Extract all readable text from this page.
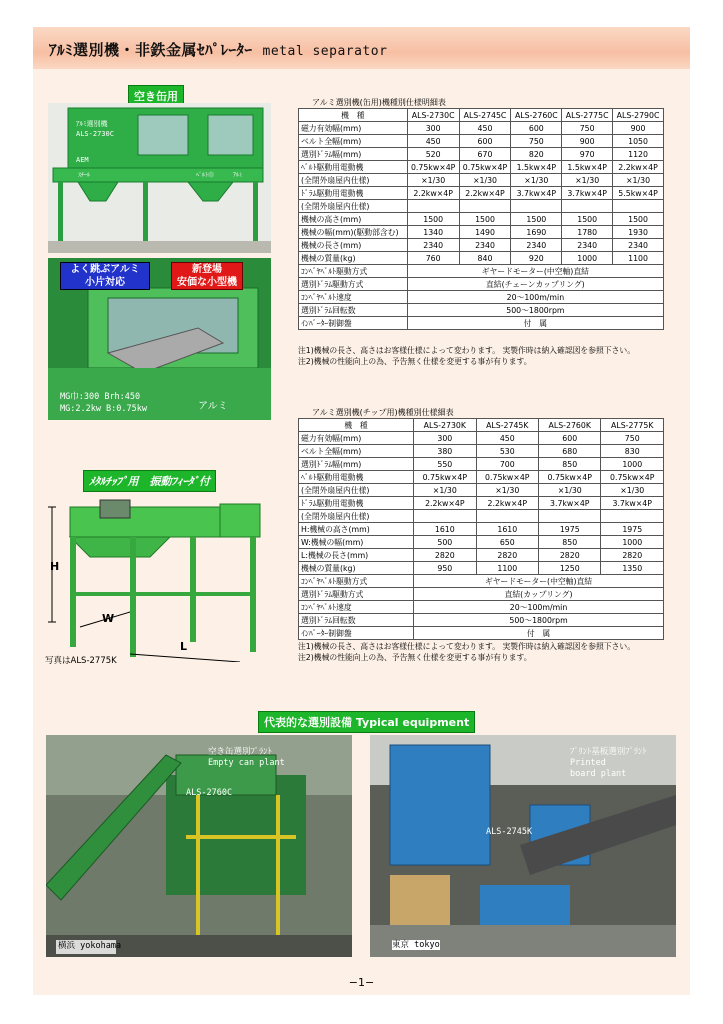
ｱﾙﾐ選別機・非鉄金属ｾﾊﾟﾚｰﾀｰ metal separator
空き缶用
ｱﾙﾐ選別機
ALS-2730C
AEM
ｽﾁｰﾙ	ﾍﾞﾙﾄ巾	ｱﾙﾐ
よく跳ぶアルミ
小片対応
新登場
安価な小型機
MG巾:300 Brh:450
MG:2.2kw B:0.75kw	アルミ
ﾒﾀﾙﾁｯﾌﾟ用　振動ﾌｨｰﾀﾞ付
H
W
L
写真はALS-2775K
アルミ選別機(缶用)機種別仕様明細表
機　種	ALS-2730C	ALS-2745C	ALS-2760C	ALS-2775C	ALS-2790C
磁力有効幅(mm)	300	450	600	750	900
ベルト全幅(mm)	450	600	750	900	1050
選別ﾄﾞﾗﾑ幅(mm)	520	670	820	970	1120
ﾍﾞﾙﾄ駆動用電動機	0.75kw×4P	0.75kw×4P	1.5kw×4P	1.5kw×4P	2.2kw×4P
(全閉外扇屋内仕様)	×1/30	×1/30	×1/30	×1/30	×1/30
ﾄﾞﾗﾑ駆動用電動機	2.2kw×4P	2.2kw×4P	3.7kw×4P	3.7kw×4P	5.5kw×4P
(全閉外扇屋内仕様)					
機械の高さ(mm)	1500	1500	1500	1500	1500
機械の幅(mm)(駆動部含む)	1340	1490	1690	1780	1930
機械の長さ(mm)	2340	2340	2340	2340	2340
機械の質量(kg)	760	840	920	1000	1100
ｺﾝﾍﾞﾔﾍﾞﾙﾄ駆動方式	ギヤードモーター(中空軸)直結				
選別ﾄﾞﾗﾑ駆動方式	直結(チェーンカップリング)				
ｺﾝﾍﾞﾔﾍﾞﾙﾄ速度	20～100m/min				
選別ﾄﾞﾗﾑ回転数	500～1800rpm				
ｲﾝﾊﾞｰﾀｰ制御盤	付　属				
注1)機械の長さ、高さはお客様仕様によって変わります。 実製作時は納入確認図を参照下さい。
注2)機械の性能向上の為、予告無く仕様を変更する事が有ります。
アルミ選別機(チップ用)機種別仕様細表
機　種	ALS-2730K	ALS-2745K	ALS-2760K	ALS-2775K
磁力有効幅(mm)	300	450	600	750
ベルト全幅(mm)	380	530	680	830
選別ﾄﾞﾗﾑ幅(mm)	550	700	850	1000
ﾍﾞﾙﾄ駆動用電動機	0.75kw×4P	0.75kw×4P	0.75kw×4P	0.75kw×4P
(全閉外扇屋内仕様)	×1/30	×1/30	×1/30	×1/30
ﾄﾞﾗﾑ駆動用電動機	2.2kw×4P	2.2kw×4P	3.7kw×4P	3.7kw×4P
(全閉外扇屋内仕様)				
H:機械の高さ(mm)	1610	1610	1975	1975
W:機械の幅(mm)	500	650	850	1000
L:機械の長さ(mm)	2820	2820	2820	2820
機械の質量(kg)	950	1100	1250	1350
ｺﾝﾍﾞﾔﾍﾞﾙﾄ駆動方式	ギヤードモーター(中空軸)直結			
選別ﾄﾞﾗﾑ駆動方式	直結(カップリング)			
ｺﾝﾍﾞﾔﾍﾞﾙﾄ速度	20～100m/min			
選別ﾄﾞﾗﾑ回転数	500～1800rpm			
ｲﾝﾊﾞｰﾀｰ制御盤	付　属			
注1)機械の長さ、高さはお客様仕様によって変わります。 実製作時は納入確認図を参照下さい。
注2)機械の性能向上の為、予告無く仕様を変更する事が有ります。
代表的な選別設備 Typical equipment
空き缶選別ﾌﾟﾗﾝﾄ
Empty can plant
ALS-2760C
横浜 yokohama
ﾌﾟﾘﾝﾄ基板選別ﾌﾟﾗﾝﾄ
Printed
board plant
ALS-2745K
東京 tokyo
−1−
